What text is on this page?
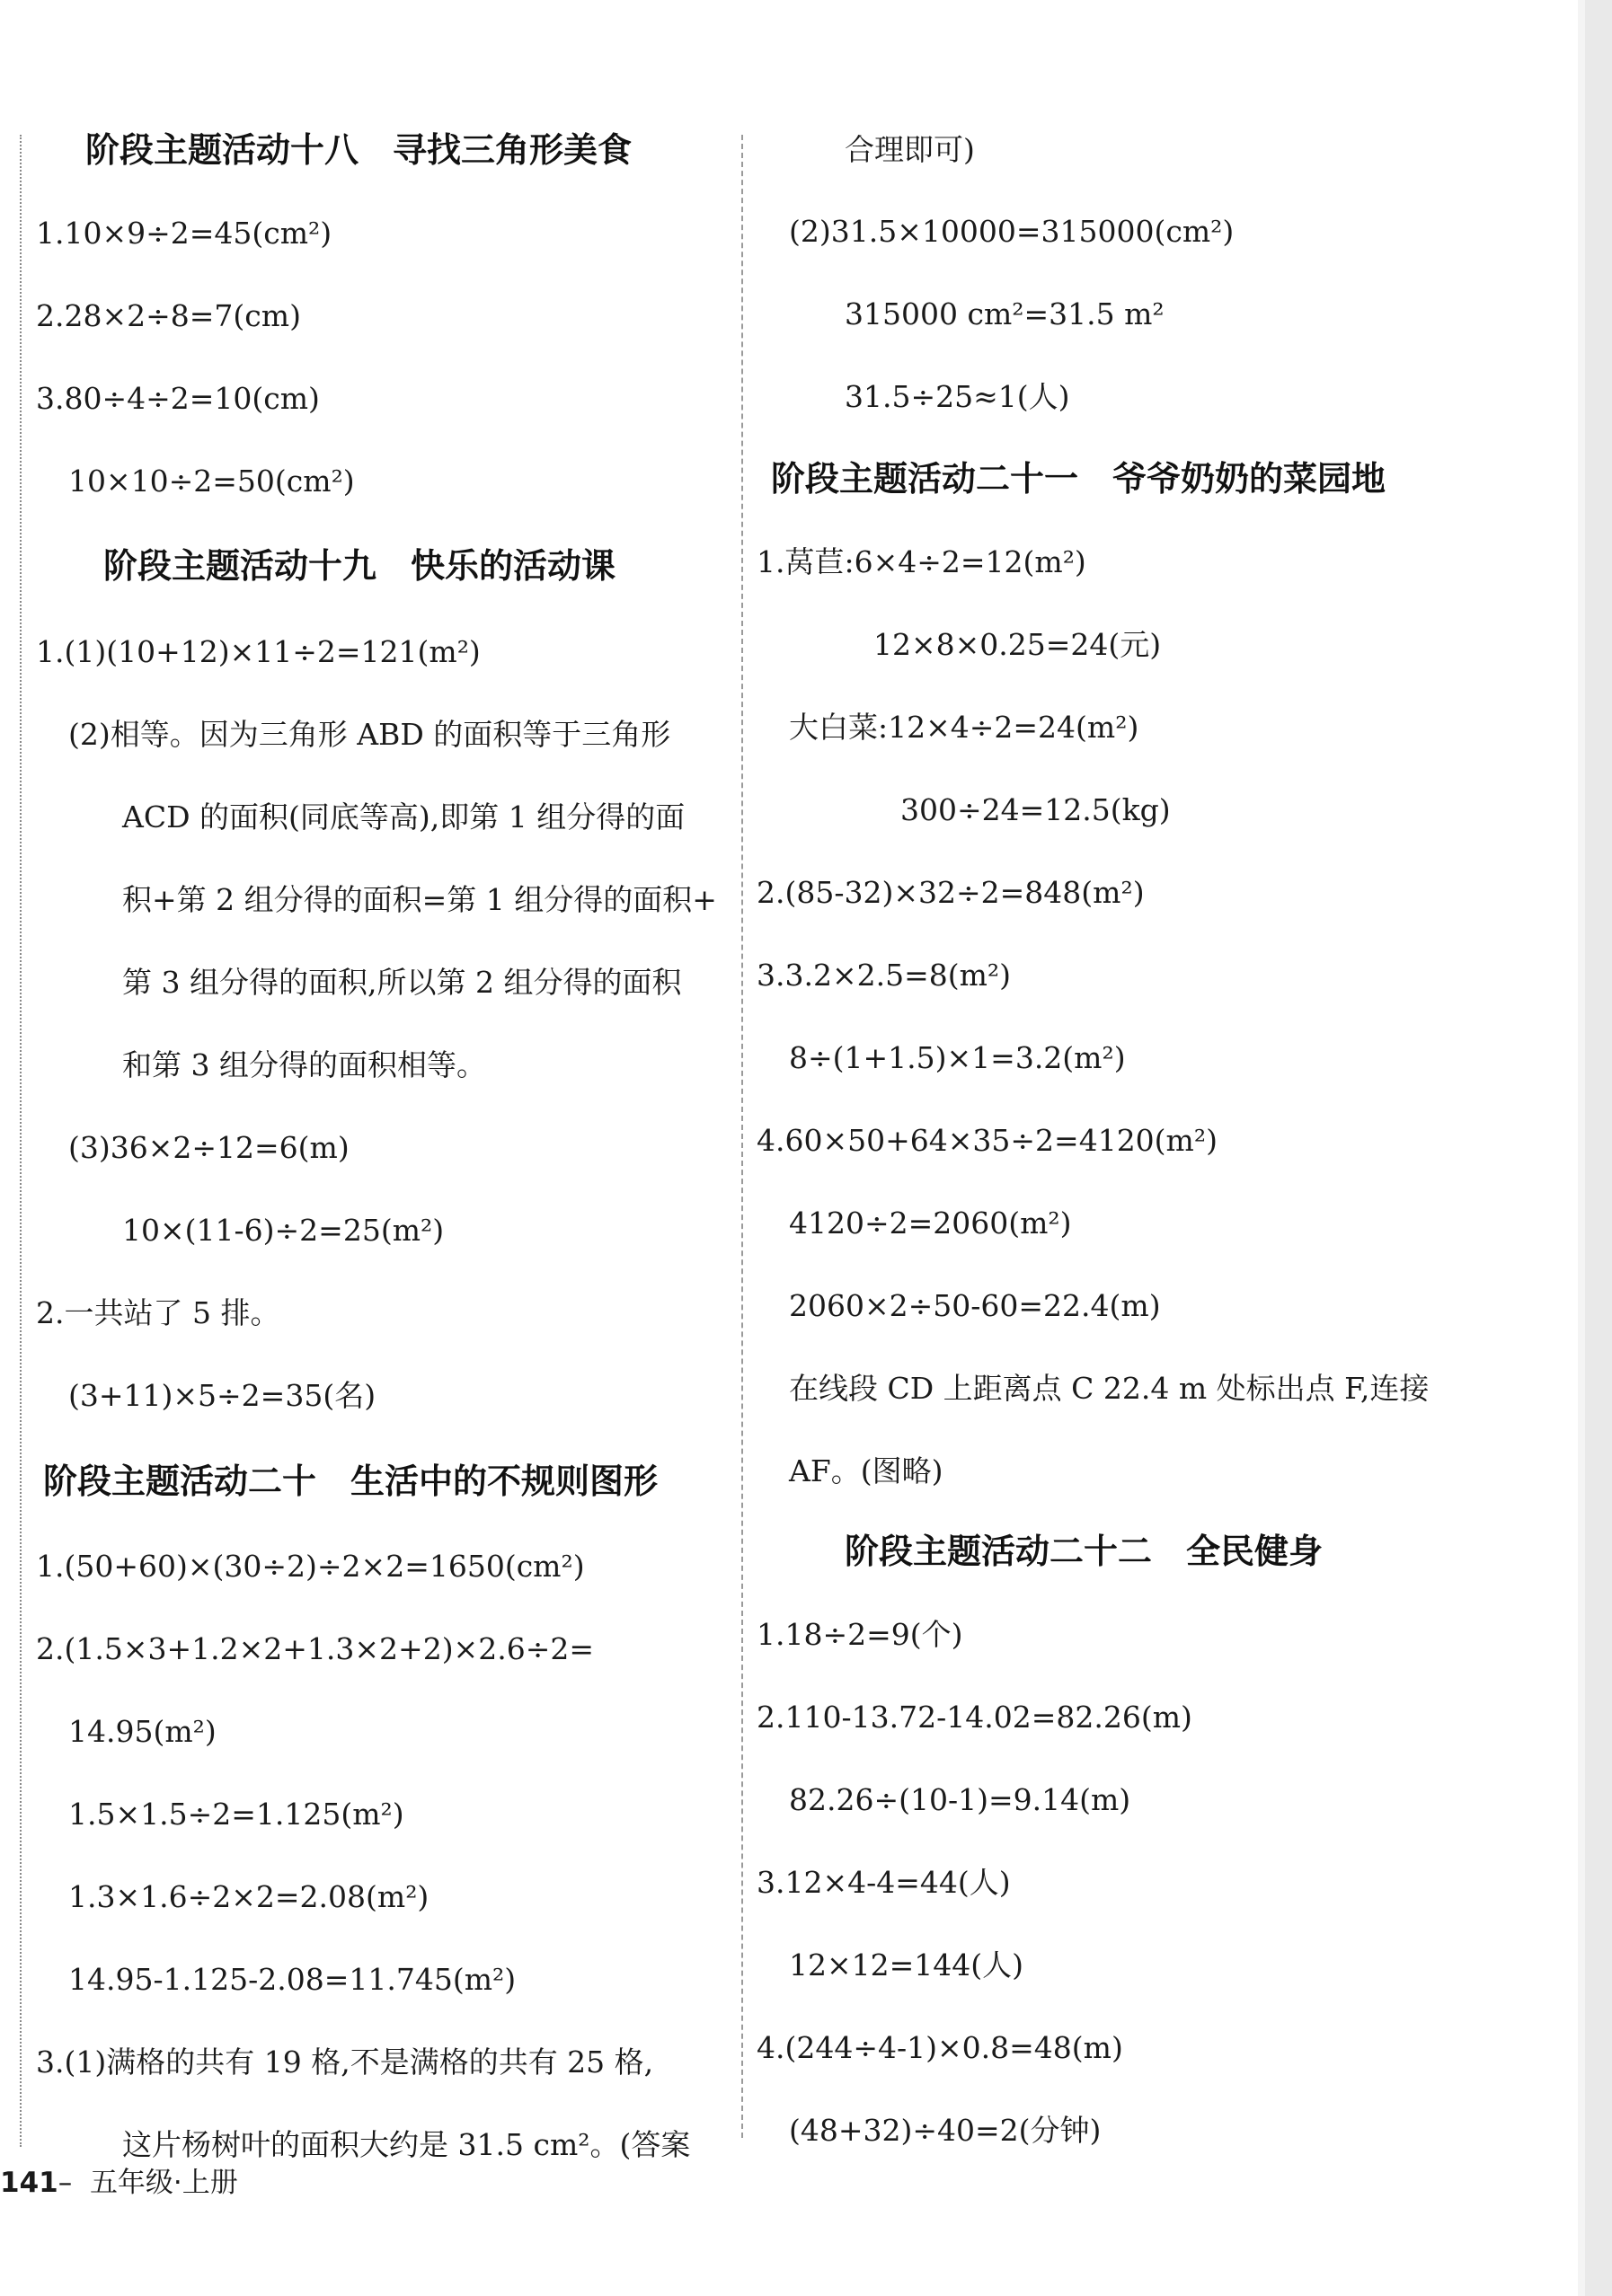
阶段主题活动十八　寻找三角形美食
1.10×9÷2=45(cm²)
2.28×2÷8=7(cm)
3.80÷4÷2=10(cm)
10×10÷2=50(cm²)
阶段主题活动十九　快乐的活动课
1.(1)(10+12)×11÷2=121(m²)
(2)相等。因为三角形 ABD 的面积等于三角形
ACD 的面积(同底等高),即第 1 组分得的面
积+第 2 组分得的面积=第 1 组分得的面积+
第 3 组分得的面积,所以第 2 组分得的面积
和第 3 组分得的面积相等。
(3)36×2÷12=6(m)
10×(11-6)÷2=25(m²)
2.一共站了 5 排。
(3+11)×5÷2=35(名)
阶段主题活动二十　生活中的不规则图形
1.(50+60)×(30÷2)÷2×2=1650(cm²)
2.(1.5×3+1.2×2+1.3×2+2)×2.6÷2=
14.95(m²)
1.5×1.5÷2=1.125(m²)
1.3×1.6÷2×2=2.08(m²)
14.95-1.125-2.08=11.745(m²)
3.(1)满格的共有 19 格,不是满格的共有 25 格,
这片杨树叶的面积大约是 31.5 cm²。(答案
141– 五年级·上册
合理即可)
(2)31.5×10000=315000(cm²)
315000 cm²=31.5 m²
31.5÷25≈1(人)
阶段主题活动二十一　爷爷奶奶的菜园地
1.莴苣:6×4÷2=12(m²)
12×8×0.25=24(元)
大白菜:12×4÷2=24(m²)
300÷24=12.5(kg)
2.(85-32)×32÷2=848(m²)
3.3.2×2.5=8(m²)
8÷(1+1.5)×1=3.2(m²)
4.60×50+64×35÷2=4120(m²)
4120÷2=2060(m²)
2060×2÷50-60=22.4(m)
在线段 CD 上距离点 C 22.4 m 处标出点 F,连接
AF。(图略)
阶段主题活动二十二　全民健身
1.18÷2=9(个)
2.110-13.72-14.02=82.26(m)
82.26÷(10-1)=9.14(m)
3.12×4-4=44(人)
12×12=144(人)
4.(244÷4-1)×0.8=48(m)
(48+32)÷40=2(分钟)
